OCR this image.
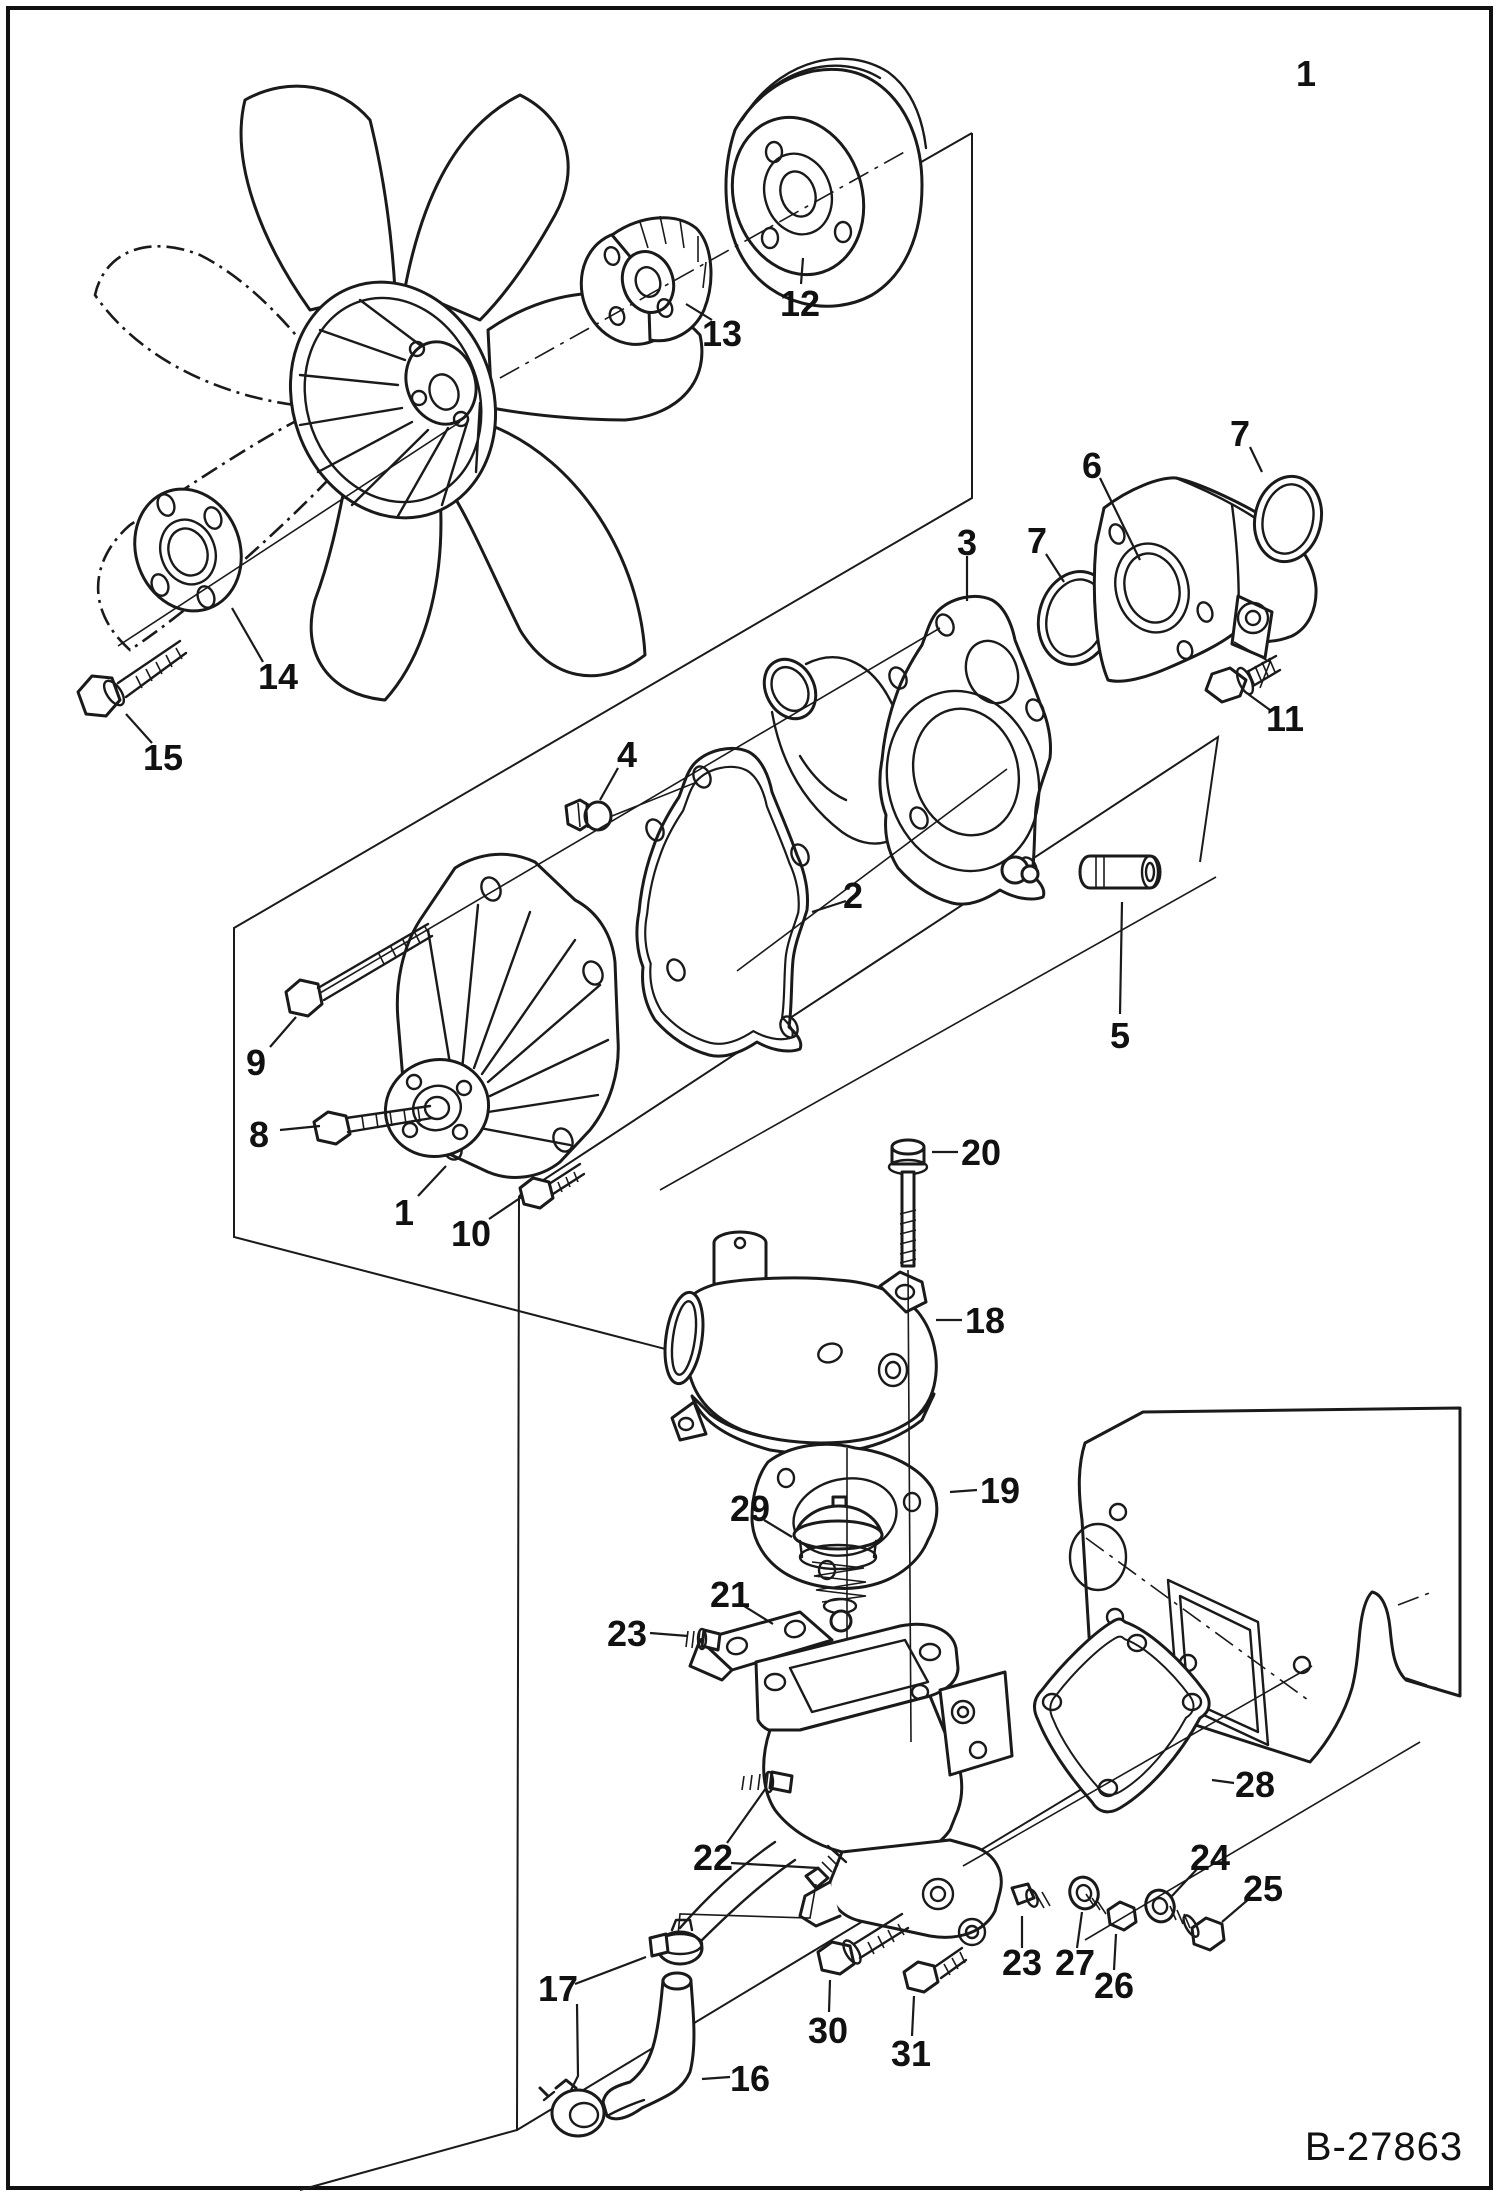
1
12
13
14
15
6
7
3 7
11
4
5
2
9
8
1
10
20
18
19
29
21
23
28
22	24
25
23 27
26
30
31
17
16
B-27863
